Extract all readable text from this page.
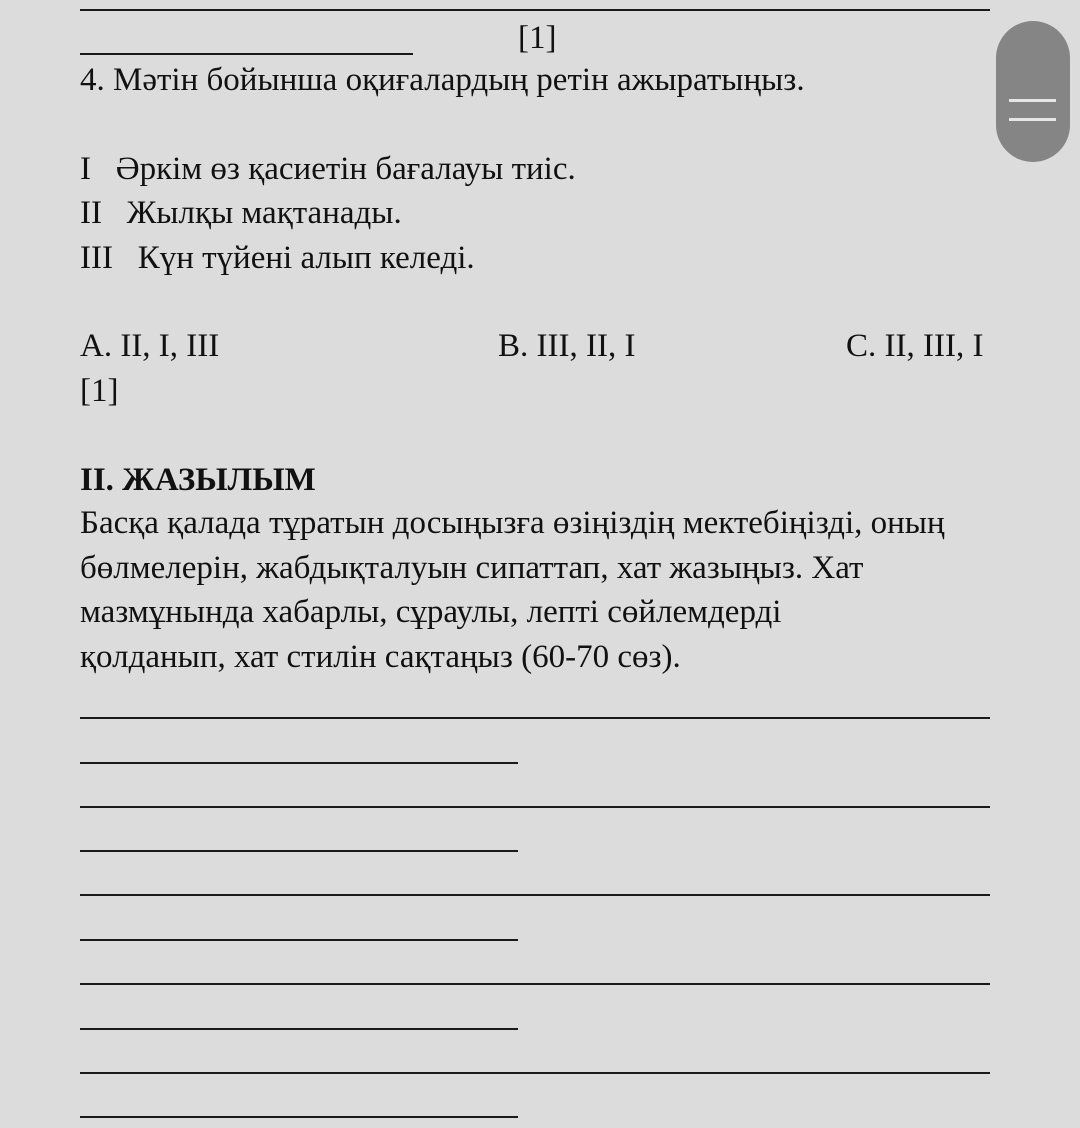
[1]
4. Мәтін бойынша оқиғалардың ретін ажыратыңыз.
I Әркім өз қасиетін бағалауы тиіс.
II Жылқы мақтанады.
III Күн түйені алып келеді.
A. II, I, III	B. III, II, I	C. II, III, I
[1]
II. ЖАЗЫЛЫМ
Басқа қалада тұратын досыңызға өзіңіздің мектебіңізді, оның
бөлмелерін, жабдықталуын сипаттап, хат жазыңыз. Хат
мазмұнында хабарлы, сұраулы, лепті сөйлемдерді
қолданып, хат стилін сақтаңыз (60-70 сөз).
